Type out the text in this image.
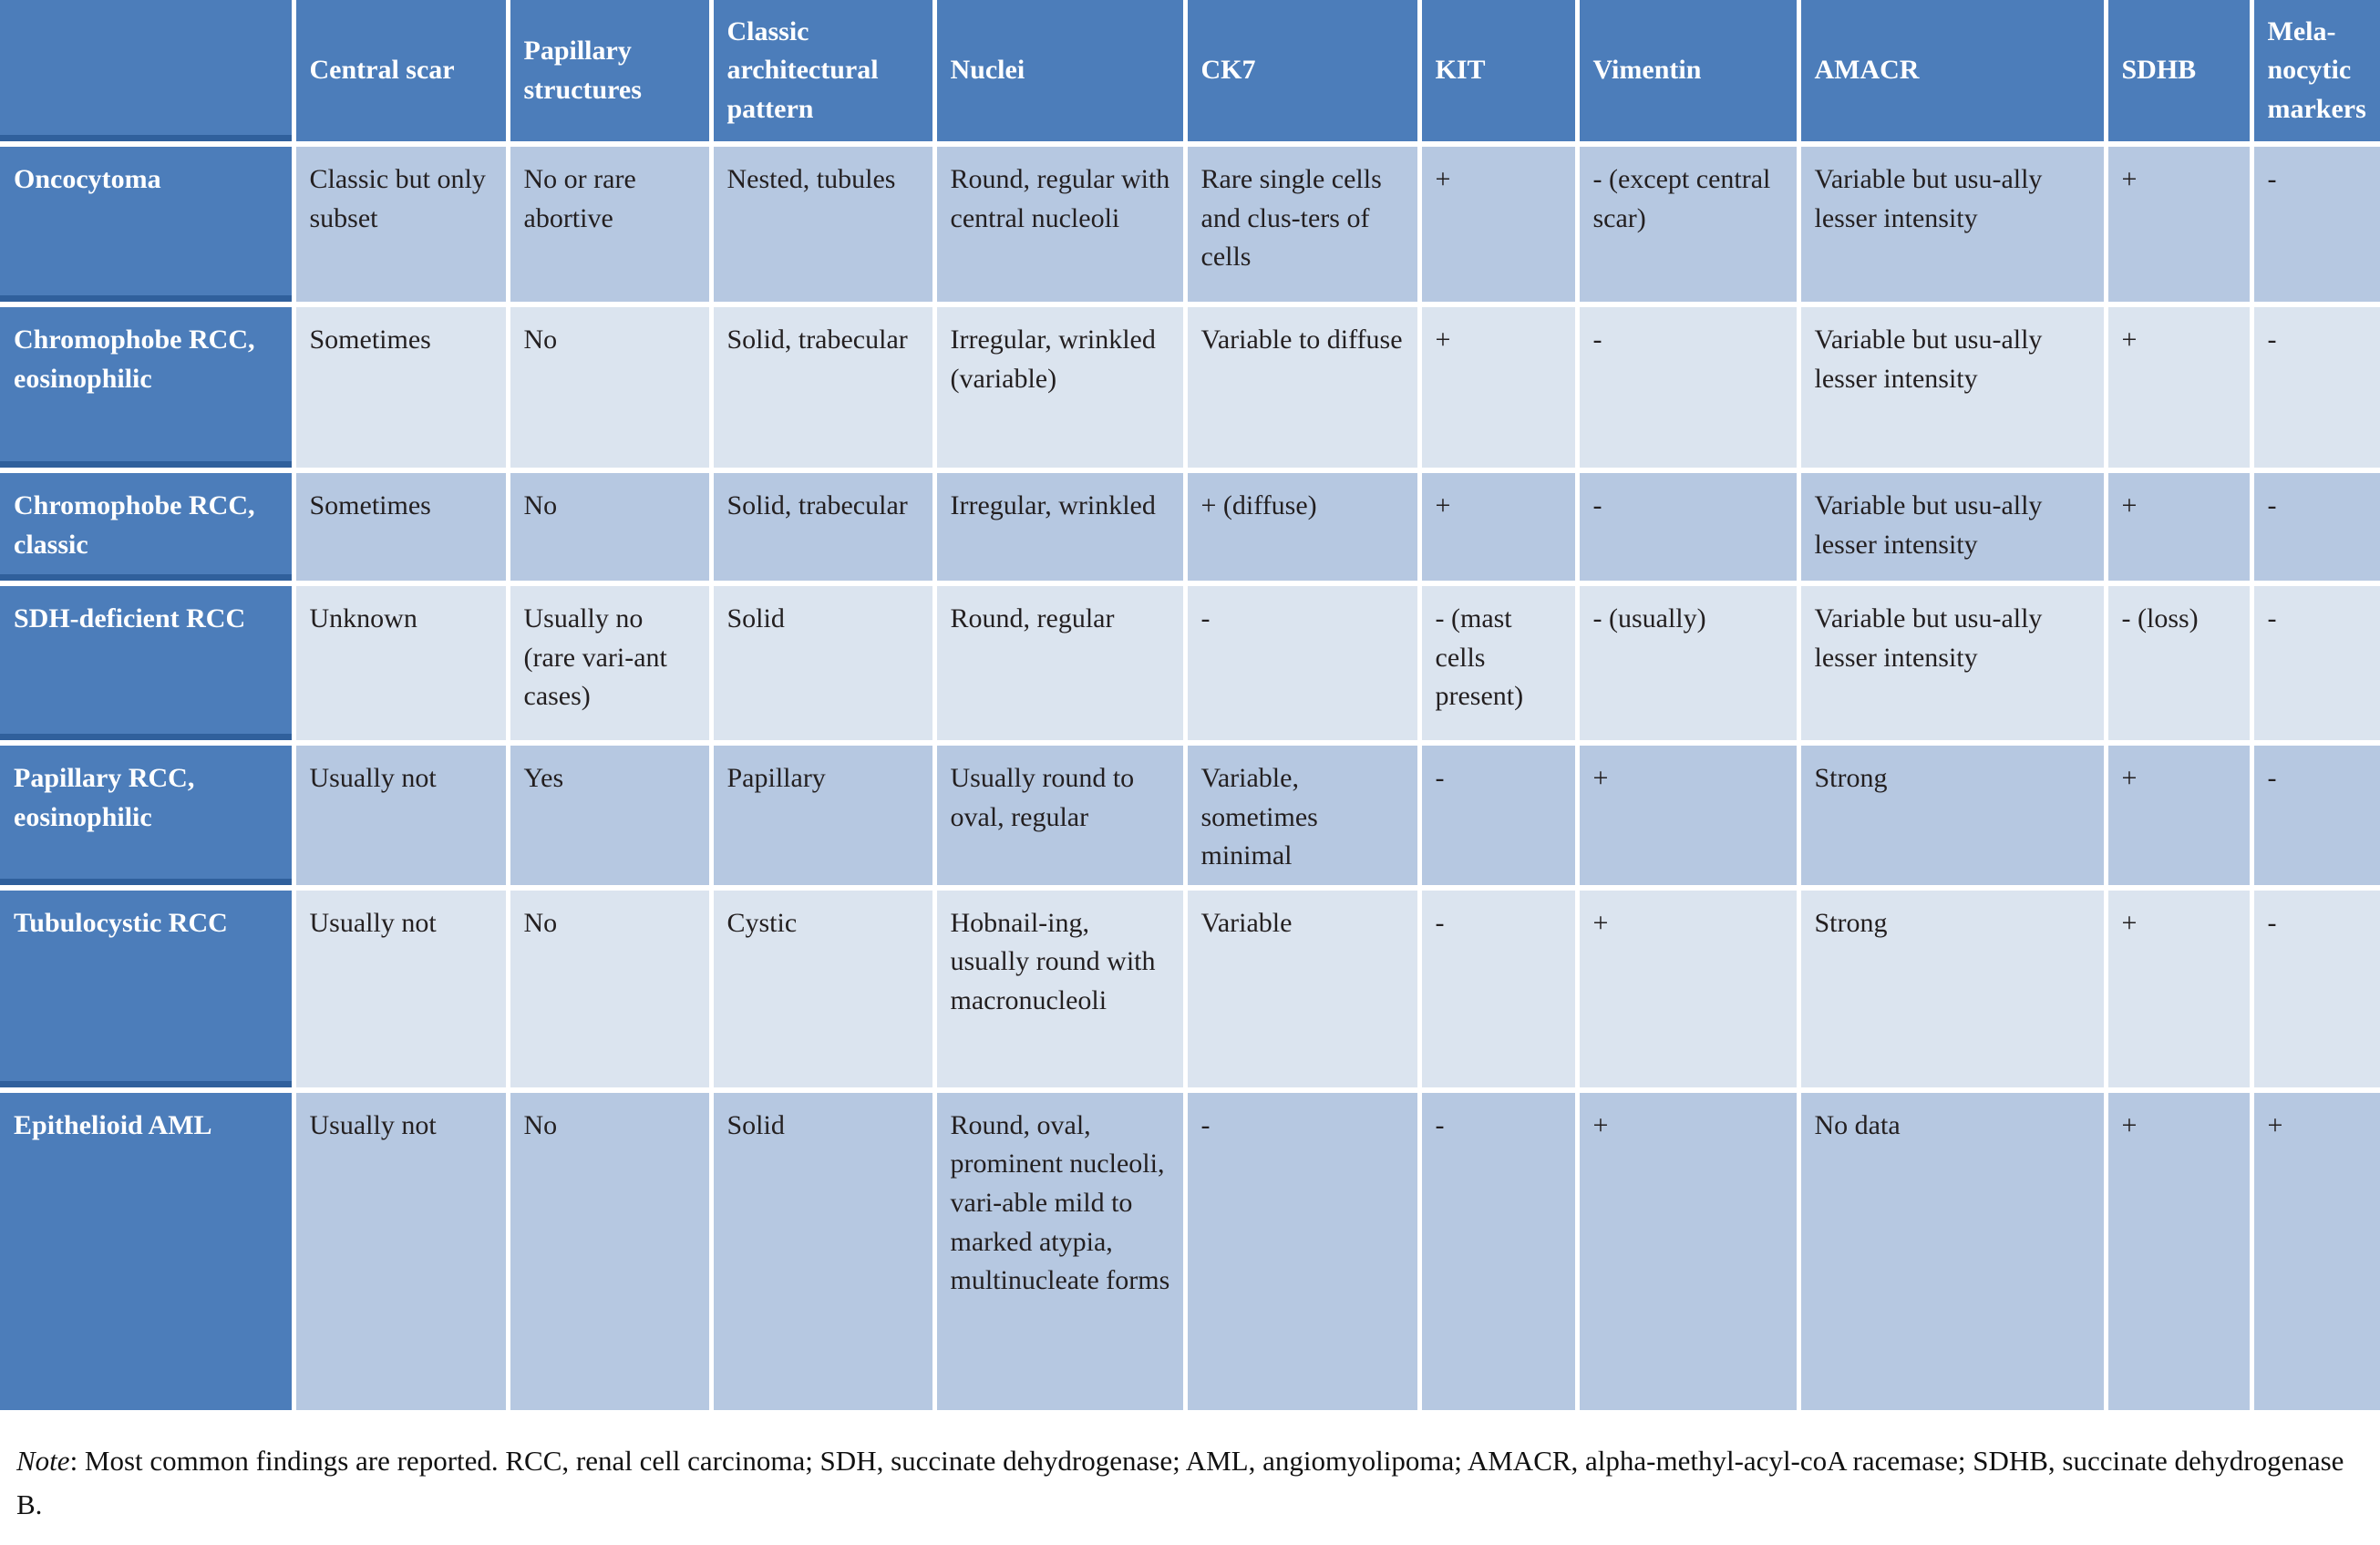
	Central scar	Papillary structures	Classic architectural pattern	Nuclei	CK7	KIT	Vimentin	AMACR	SDHB	Mela-nocytic markers
Oncocytoma	Classic but only subset	No or rare abortive	Nested, tubules	Round, regular with central nucleoli	Rare single cells and clus-ters of cells	+	- (except central scar)	Variable but usu-ally lesser intensity	+	-
Chromophobe RCC, eosinophilic	Sometimes	No	Solid, trabecular	Irregular, wrinkled (variable)	Variable to diffuse	+	-	Variable but usu-ally lesser intensity	+	-
Chromophobe RCC, classic	Sometimes	No	Solid, trabecular	Irregular, wrinkled	+ (diffuse)	+	-	Variable but usu-ally lesser intensity	+	-
SDH-deficient RCC	Unknown	Usually no (rare vari-ant cases)	Solid	Round, regular	-	- (mast cells present)	- (usually)	Variable but usu-ally lesser intensity	- (loss)	-
Papillary RCC, eosinophilic	Usually not	Yes	Papillary	Usually round to oval, regular	Variable, sometimes minimal	-	+	Strong	+	-
Tubulocystic RCC	Usually not	No	Cystic	Hobnail-ing, usually round with macronucleoli	Variable	-	+	Strong	+	-
Epithelioid AML	Usually not	No	Solid	Round, oval, prominent nucleoli, vari-able mild to marked atypia, multinucleate forms	-	-	+	No data	+	+

Note: Most common findings are reported. RCC, renal cell carcinoma; SDH, succinate dehydrogenase; AML, angiomyolipoma; AMACR, alpha-methyl-acyl-coA racemase; SDHB, succinate dehydrogenase B.
